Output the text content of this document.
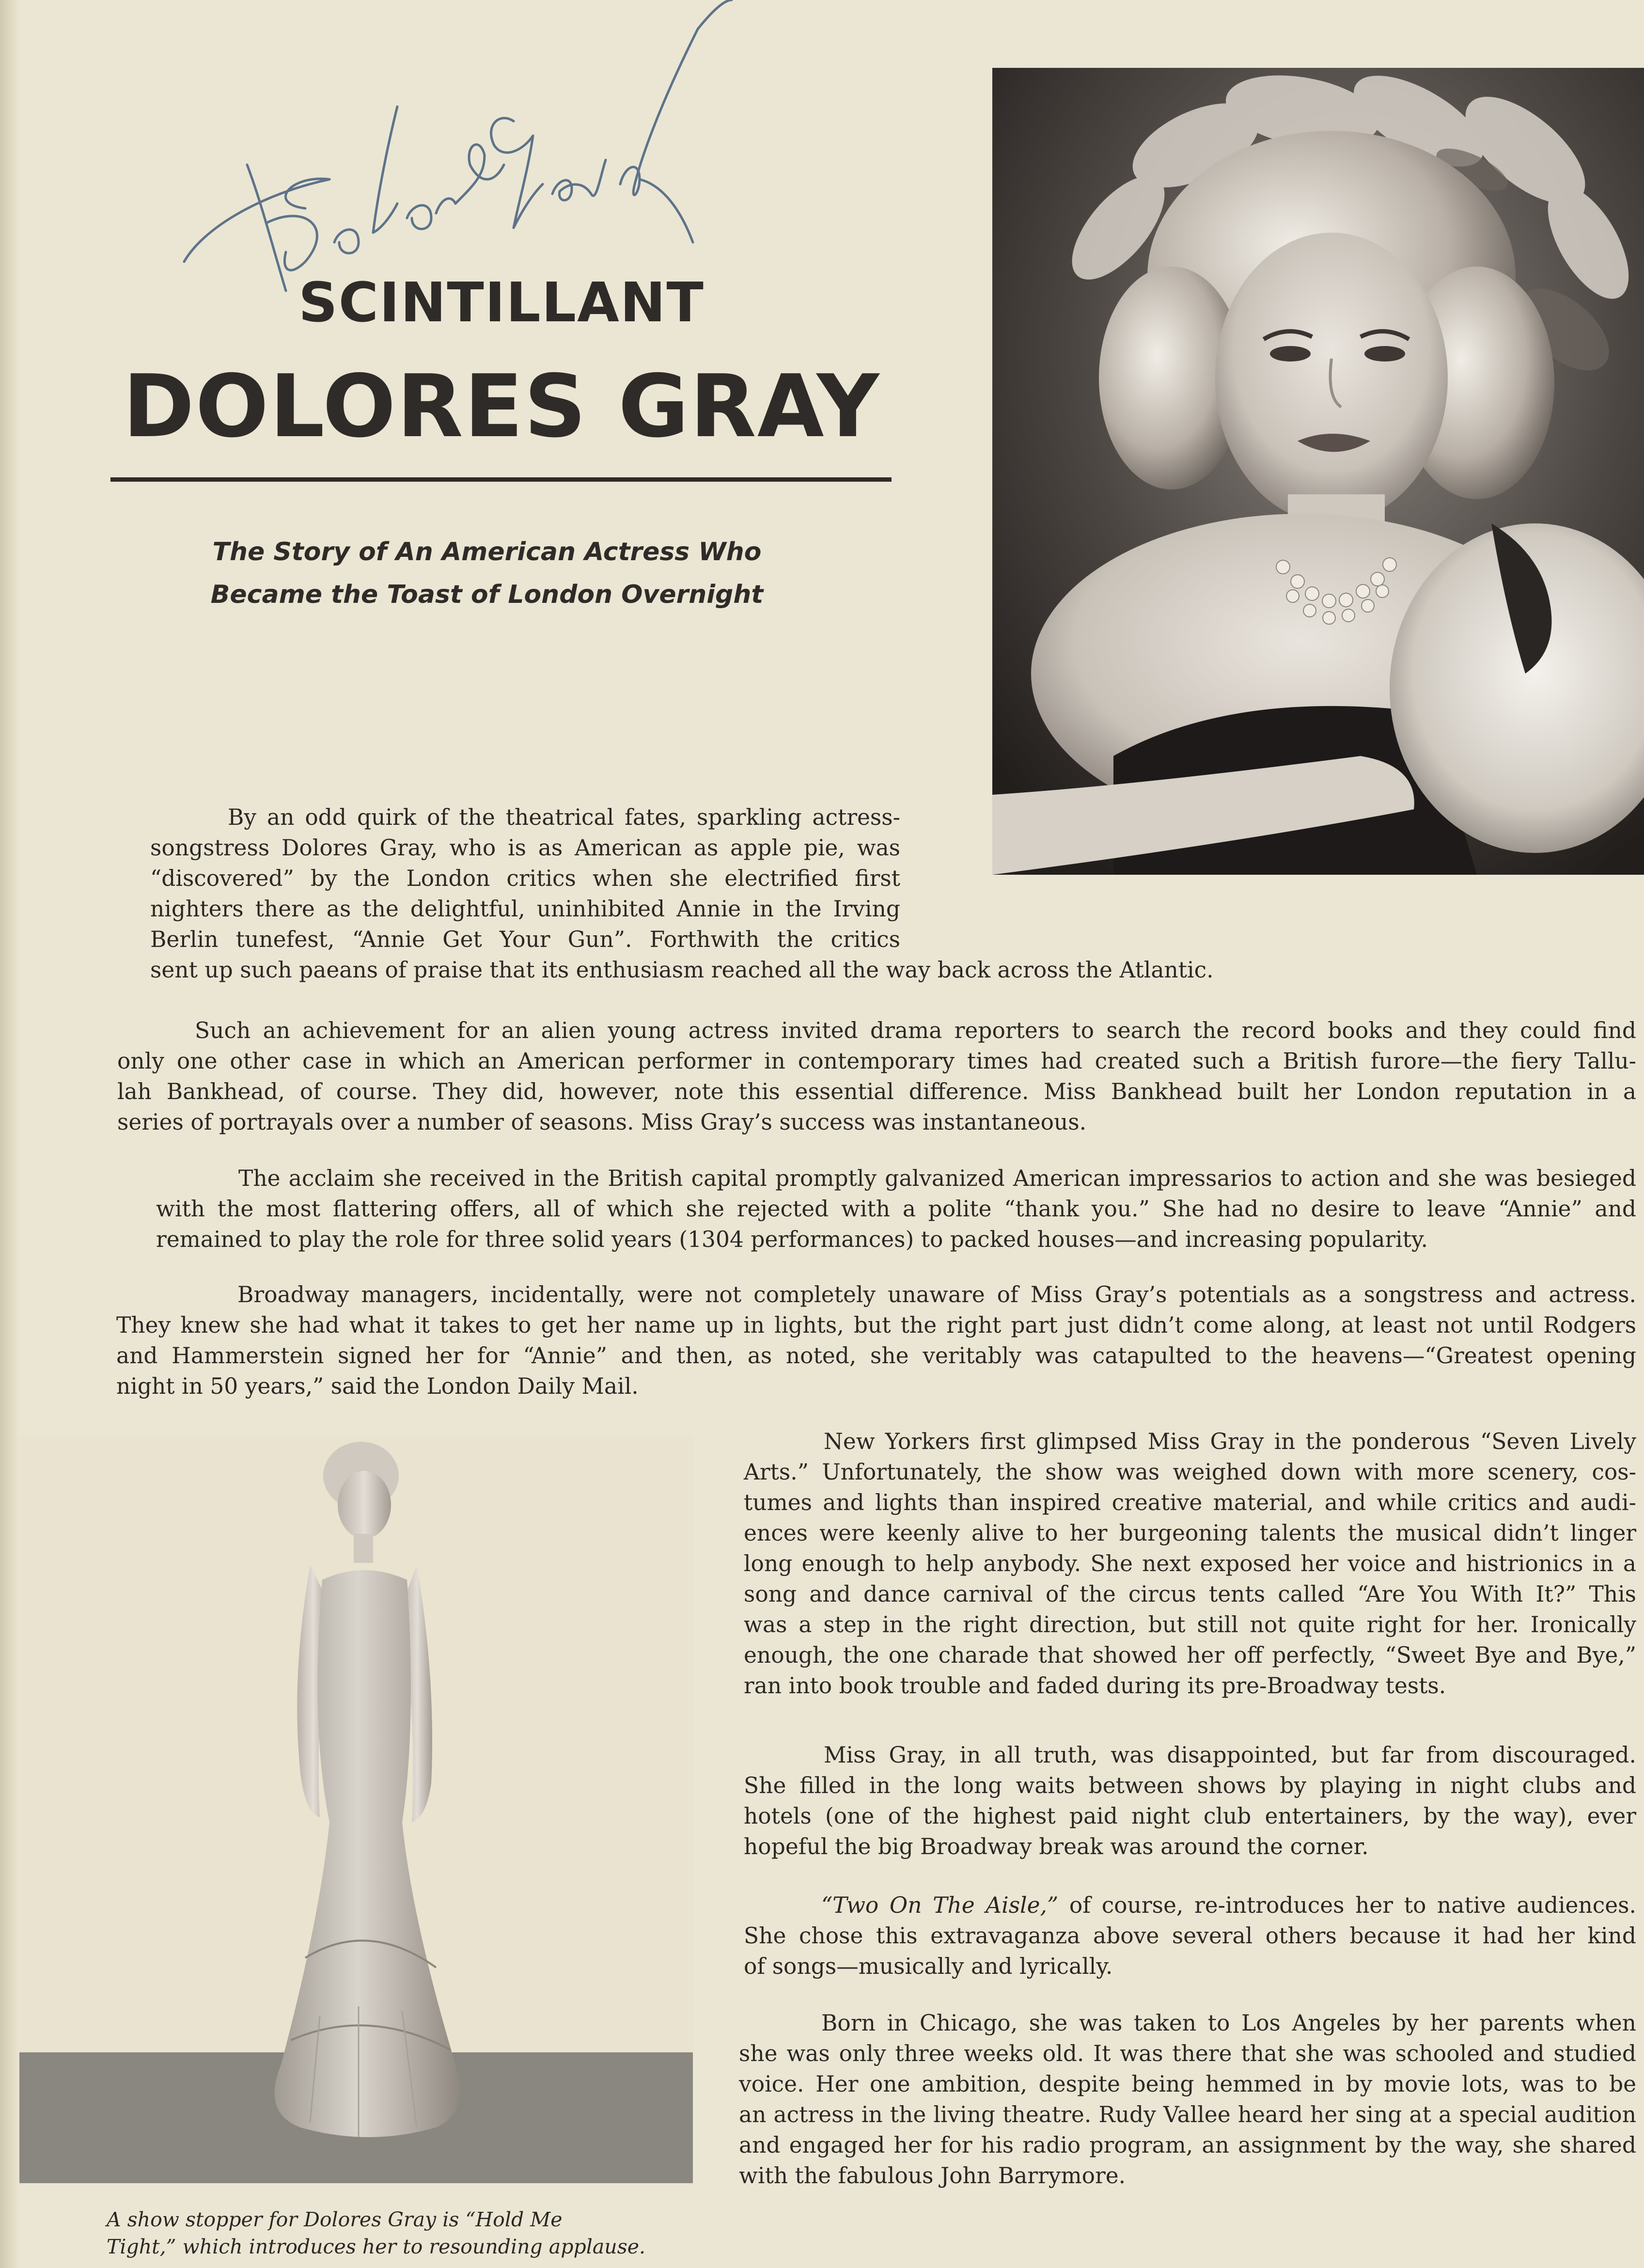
SCINTILLANT
DOLORES GRAY
The Story of An American Actress Who
Became the Toast of London Overnight
By an odd quirk of the theatrical fates, sparkling actress-
songstress Dolores Gray, who is as American as apple pie, was
“discovered” by the London critics when she electrified first
nighters there as the delightful, uninhibited Annie in the Irving
Berlin tunefest, “Annie Get Your Gun”. Forthwith the critics
sent up such paeans of praise that its enthusiasm reached all the way back across the Atlantic.
Such an achievement for an alien young actress invited drama reporters to search the record books and they could find
only one other case in which an American performer in contemporary times had created such a British furore—the fiery Tallu-
lah Bankhead, of course. They did, however, note this essential difference. Miss Bankhead built her London reputation in a
series of portrayals over a number of seasons. Miss Gray’s success was instantaneous.
The acclaim she received in the British capital promptly galvanized American impressarios to action and she was besieged
with the most flattering offers, all of which she rejected with a polite “thank you.” She had no desire to leave “Annie” and
remained to play the role for three solid years (1304 performances) to packed houses—and increasing popularity.
Broadway managers, incidentally, were not completely unaware of Miss Gray’s potentials as a songstress and actress.
They knew she had what it takes to get her name up in lights, but the right part just didn’t come along, at least not until Rodgers
and Hammerstein signed her for “Annie” and then, as noted, she veritably was catapulted to the heavens—“Greatest opening
night in 50 years,” said the London Daily Mail.
A show stopper for Dolores Gray is “Hold Me
Tight,” which introduces her to resounding applause.
New Yorkers first glimpsed Miss Gray in the ponderous “Seven Lively
Arts.” Unfortunately, the show was weighed down with more scenery, cos-
tumes and lights than inspired creative material, and while critics and audi-
ences were keenly alive to her burgeoning talents the musical didn’t linger
long enough to help anybody. She next exposed her voice and histrionics in a
song and dance carnival of the circus tents called “Are You With It?” This
was a step in the right direction, but still not quite right for her. Ironically
enough, the one charade that showed her off perfectly, “Sweet Bye and Bye,”
ran into book trouble and faded during its pre-Broadway tests.
Miss Gray, in all truth, was disappointed, but far from discouraged.
She filled in the long waits between shows by playing in night clubs and
hotels (one of the highest paid night club entertainers, by the way), ever
hopeful the big Broadway break was around the corner.
“Two On The Aisle,” of course, re-introduces her to native audiences.
She chose this extravaganza above several others because it had her kind
of songs—musically and lyrically.
Born in Chicago, she was taken to Los Angeles by her parents when
she was only three weeks old. It was there that she was schooled and studied
voice. Her one ambition, despite being hemmed in by movie lots, was to be
an actress in the living theatre. Rudy Vallee heard her sing at a special audition
and engaged her for his radio program, an assignment by the way, she shared
with the fabulous John Barrymore.
